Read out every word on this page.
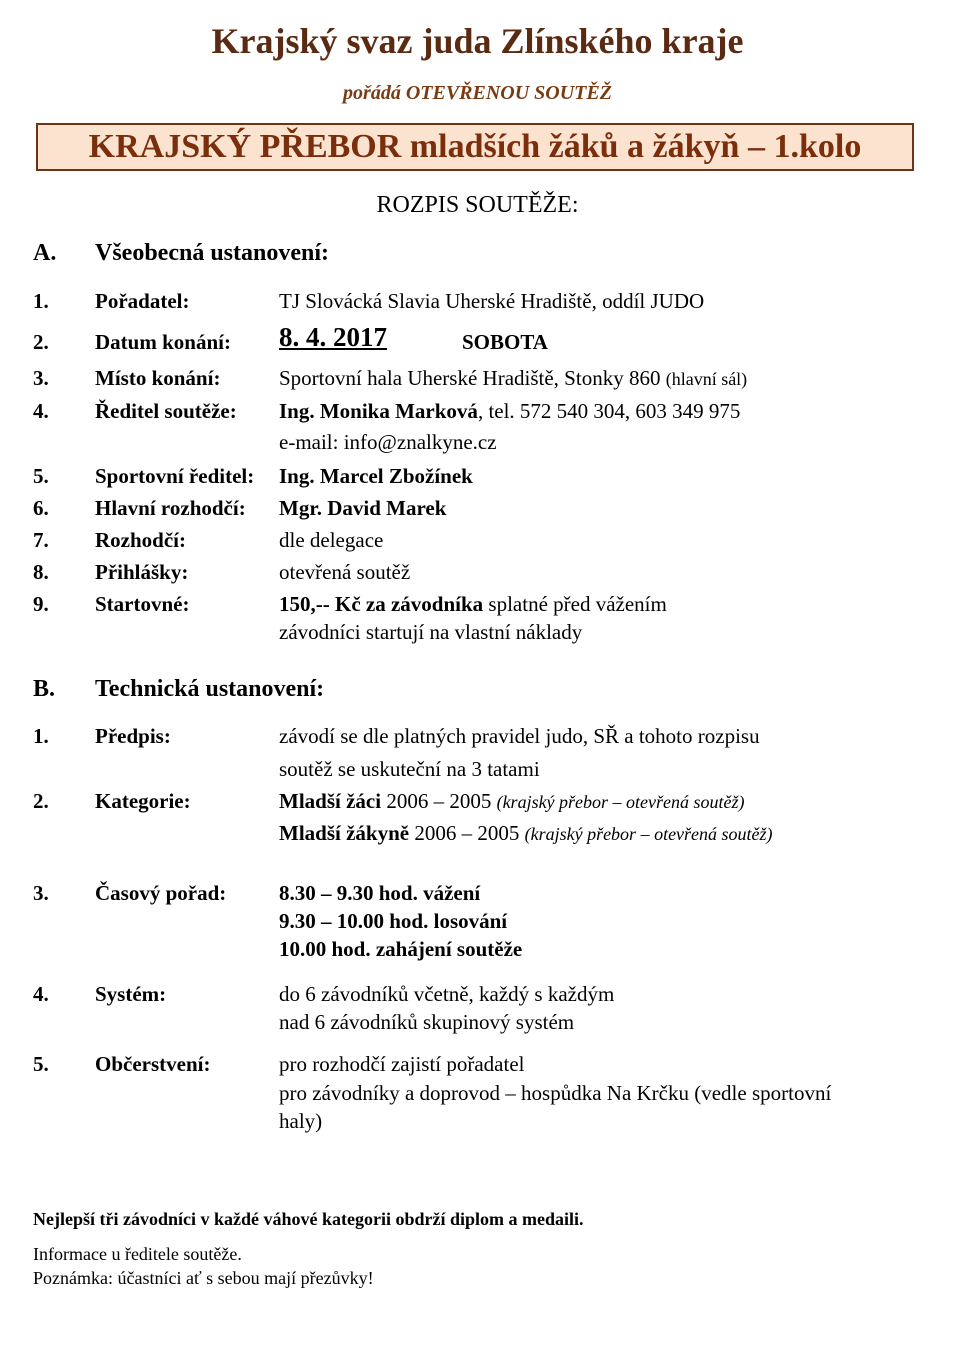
Krajský svaz juda Zlínského kraje
pořádá OTEVŘENOU SOUTĚŽ
KRAJSKÝ PŘEBOR mladších žáků a žákyň – 1.kolo
ROZPIS SOUTĚŽE:
A. Všeobecná ustanovení:
1. Pořadatel:	TJ Slovácká Slavia Uherské Hradiště, oddíl JUDO
2. Datum konání: 8. 4. 2017	SOBOTA
3. Místo konání:	Sportovní hala Uherské Hradiště, Stonky 860 (hlavní sál)
4. Ředitel soutěže: Ing. Monika Marková, tel. 572 540 304, 603 349 975
e-mail: info@znalkyne.cz
5. Sportovní ředitel: Ing. Marcel Zbožínek
6. Hlavní rozhodčí: Mgr. David Marek
7. Rozhodčí:	dle delegace
8. Přihlášky:	otevřená soutěž
9. Startovné:	150,-- Kč za závodníka splatné před vážením
závodníci startují na vlastní náklady
B. Technická ustanovení:
1. Předpis:	závodí se dle platných pravidel judo, SŘ a tohoto rozpisu
soutěž se uskuteční na 3 tatami
2. Kategorie:	Mladší žáci 2006 – 2005 (krajský přebor – otevřená soutěž)
Mladší žákyně 2006 – 2005 (krajský přebor – otevřená soutěž)
3. Časový pořad:	8.30 – 9.30 hod. vážení
9.30 – 10.00 hod. losování
10.00 hod. zahájení soutěže
4. Systém:	do 6 závodníků včetně, každý s každým
nad 6 závodníků skupinový systém
5. Občerstvení:	pro rozhodčí zajistí pořadatel
pro závodníky a doprovod – hospůdka Na Krčku (vedle sportovní
haly)
Nejlepší tři závodníci v každé váhové kategorii obdrží diplom a medaili.
Informace u ředitele soutěže.
Poznámka: účastníci ať s sebou mají přezůvky!
